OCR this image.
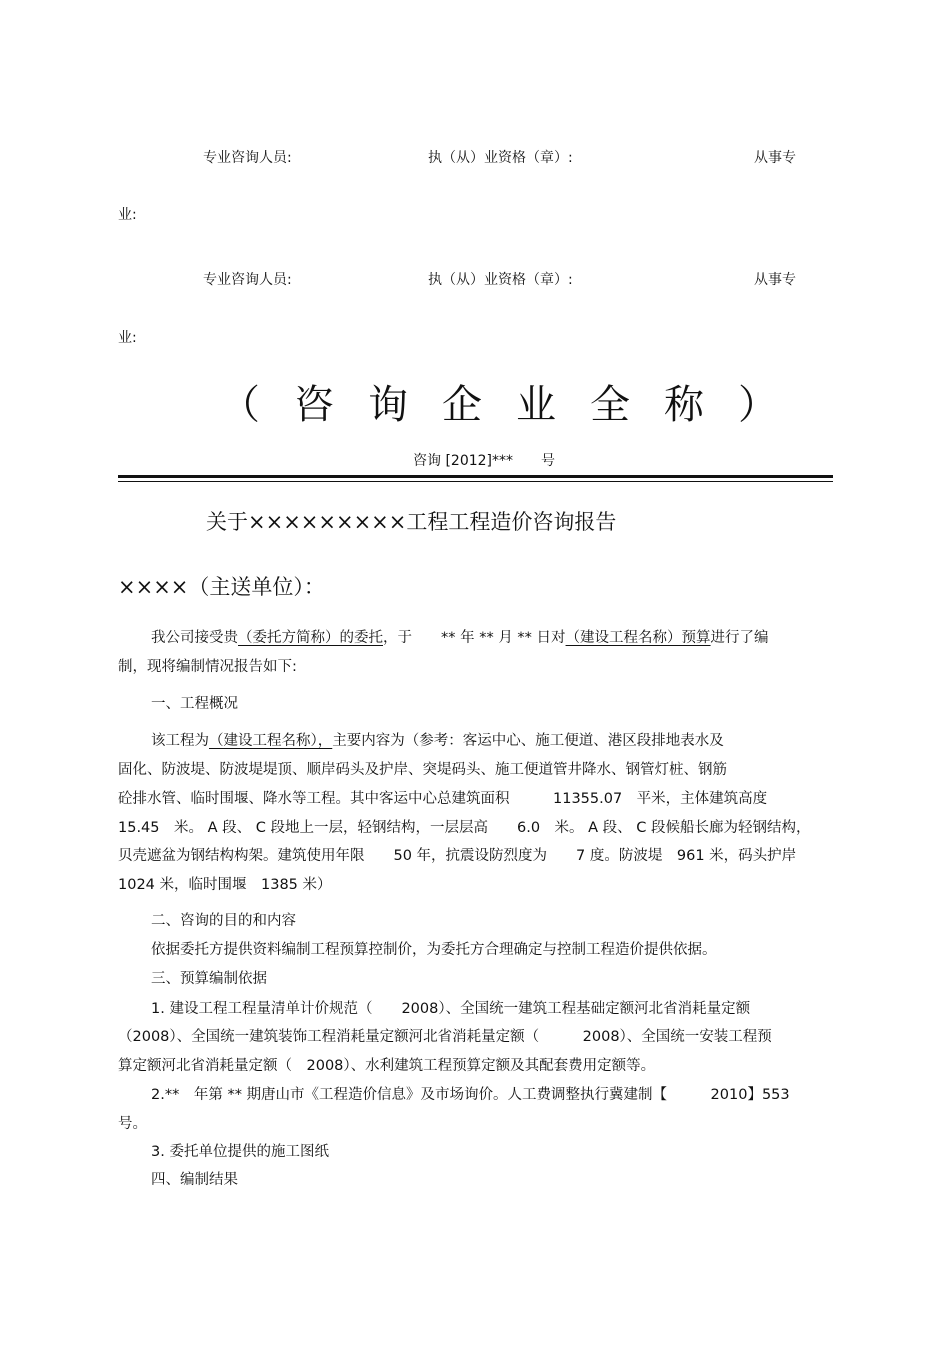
专业咨询人员:	执（从）业资格（章）:	从事专
业:
专业咨询人员:	执（从）业资格（章）:	从事专
业:
（咨询企业全称）
咨询 [2012]***　　号
关于×××××××××工程工程造价咨询报告
××××（主送单位）：
我公司接受贵（委托方简称）的委托，于　　** 年 ** 月 ** 日对（建设工程名称）预算进行了编
制，现将编制情况报告如下:
一、工程概况
该工程为（建设工程名称），主要内容为（参考：客运中心、施工便道、港区段排地表水及
固化、防波堤、防波堤堤顶、顺岸码头及护岸、突堤码头、施工便道管井降水、钢管灯桩、钢筋
砼排水管、临时围堰、降水等工程。其中客运中心总建筑面积　　　11355.07　平米，主体建筑高度
15.45　米。 A 段、 C 段地上一层，轻钢结构，一层层高　　6.0　米。 A 段、 C 段候船长廊为轻钢结构，
贝壳遮盆为钢结构构架。建筑使用年限　　50 年，抗震设防烈度为　　7 度。防波堤　961 米，码头护岸
1024 米，临时围堰　1385 米）
二、咨询的目的和内容
依据委托方提供资料编制工程预算控制价，为委托方合理确定与控制工程造价提供依据。
三、预算编制依据
1. 建设工程工程量清单计价规范（　　2008）、全国统一建筑工程基础定额河北省消耗量定额
（2008）、全国统一建筑装饰工程消耗量定额河北省消耗量定额（　　　2008）、全国统一安装工程预
算定额河北省消耗量定额（　2008）、水利建筑工程预算定额及其配套费用定额等。
2.**　年第 ** 期唐山市《工程造价信息》及市场询价。人工费调整执行冀建制【　　　2010】553
号。
3. 委托单位提供的施工图纸
四、编制结果
